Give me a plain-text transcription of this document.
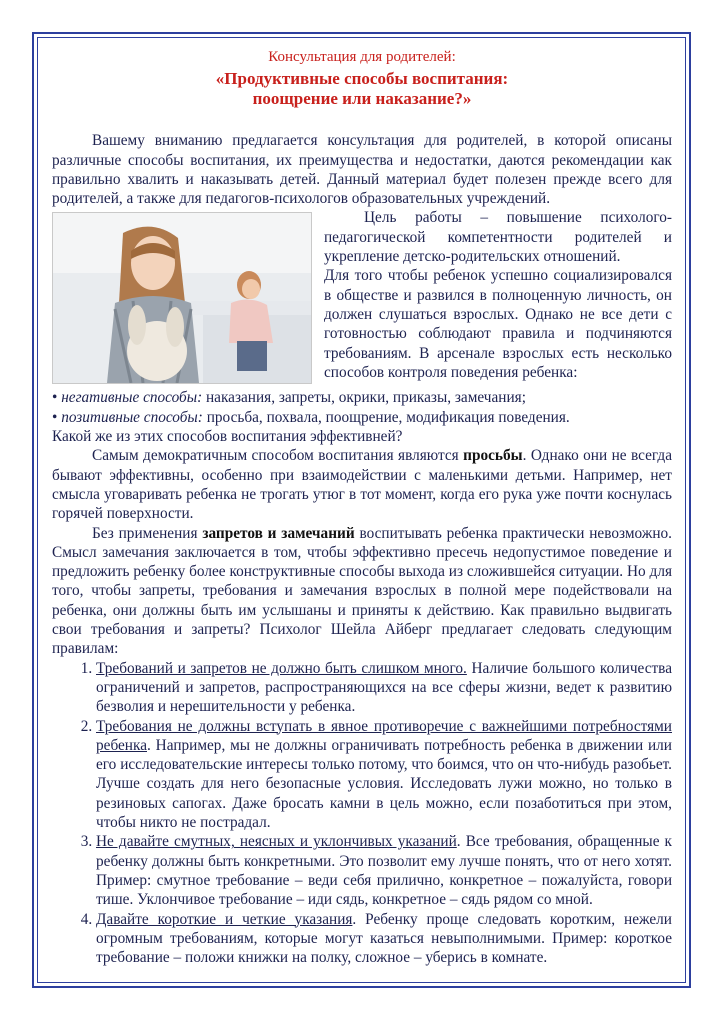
Консультация для родителей:
«Продуктивные способы воспитания:
поощрение или наказание?»

Вашему вниманию предлагается консультация для родителей, в которой описаны различные способы воспитания, их преимущества и недостатки, даются рекомендации как правильно хвалить и наказывать детей. Данный материал будет полезен прежде всего для родителей, а также для педагогов-психологов образовательных учреждений.

Цель работы – повышение психолого-педагогической компетентности родителей и укрепление детско-родительских отношений.

Для того чтобы ребенок успешно социализировался в обществе и развился в полноценную личность, он должен слушаться взрослых. Однако не все дети с готовностью соблюдают правила и подчиняются требованиям. В арсенале взрослых есть несколько способов контроля поведения ребенка:

• негативные способы: наказания, запреты, окрики, приказы, замечания;
• позитивные способы: просьба, похвала, поощрение, модификация поведения.

Какой же из этих способов воспитания эффективней?

Самым демократичным способом воспитания являются просьбы. Однако они не всегда бывают эффективны, особенно при взаимодействии с маленькими детьми. Например, нет смысла уговаривать ребенка не трогать утюг в тот момент, когда его рука уже почти коснулась горячей поверхности.

Без применения запретов и замечаний воспитывать ребенка практически невозможно. Смысл замечания заключается в том, чтобы эффективно пресечь недопустимое поведение и предложить ребенку более конструктивные способы выхода из сложившейся ситуации. Но для того, чтобы запреты, требования и замечания взрослых в полной мере подействовали на ребенка, они должны быть им услышаны и приняты к действию. Как правильно выдвигать свои требования и запреты? Психолог Шейла Айберг предлагает следовать следующим правилам:

1. Требований и запретов не должно быть слишком много. Наличие большого количества ограничений и запретов, распространяющихся на все сферы жизни, ведет к развитию безволия и нерешительности у ребенка.
2. Требования не должны вступать в явное противоречие с важнейшими потребностями ребенка. Например, мы не должны ограничивать потребность ребенка в движении или его исследовательские интересы только потому, что боимся, что он что-нибудь разобьет. Лучше создать для него безопасные условия. Исследовать лужи можно, но только в резиновых сапогах. Даже бросать камни в цель можно, если позаботиться при этом, чтобы никто не пострадал.
3. Не давайте смутных, неясных и уклончивых указаний. Все требования, обращенные к ребенку должны быть конкретными. Это позволит ему лучше понять, что от него хотят. Пример: смутное требование – веди себя прилично, конкретное – пожалуйста, говори тише. Уклончивое требование – иди сядь, конкретное – сядь рядом со мной.
4. Давайте короткие и четкие указания. Ребенку проще следовать коротким, нежели огромным требованиям, которые могут казаться невыполнимыми. Пример: короткое требование – положи книжки на полку, сложное – уберись в комнате.
